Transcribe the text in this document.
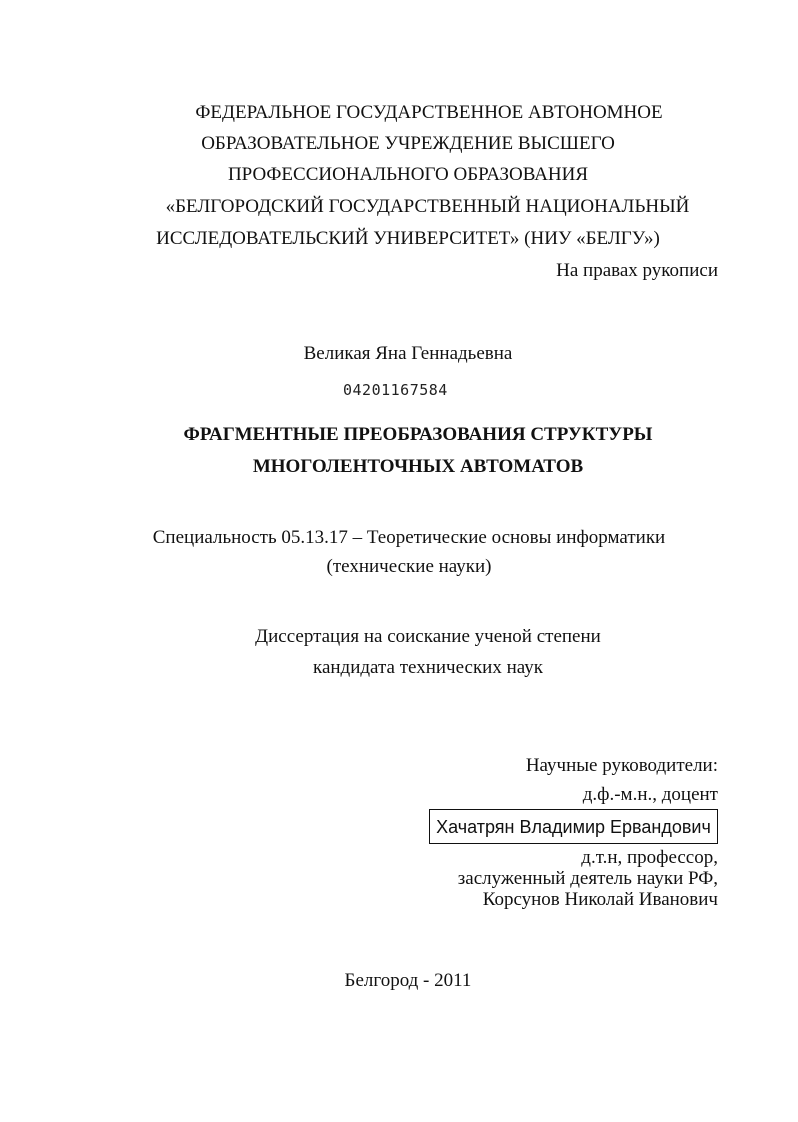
ФЕДЕРАЛЬНОЕ ГОСУДАРСТВЕННОЕ АВТОНОМНОЕ
ОБРАЗОВАТЕЛЬНОЕ УЧРЕЖДЕНИЕ ВЫСШЕГО
ПРОФЕССИОНАЛЬНОГО ОБРАЗОВАНИЯ
«БЕЛГОРОДСКИЙ ГОСУДАРСТВЕННЫЙ НАЦИОНАЛЬНЫЙ
ИССЛЕДОВАТЕЛЬСКИЙ УНИВЕРСИТЕТ» (НИУ «БЕЛГУ»)
На правах рукописи
Великая Яна Геннадьевна
04201167584
ФРАГМЕНТНЫЕ ПРЕОБРАЗОВАНИЯ СТРУКТУРЫ
МНОГОЛЕНТОЧНЫХ АВТОМАТОВ
Специальность 05.13.17 – Теоретические основы информатики
(технические науки)
Диссертация на соискание ученой степени
кандидата технических наук
Научные руководители:
д.ф.-м.н., доцент
Хачатрян Владимир Ервандович
д.т.н, профессор,
заслуженный деятель науки РФ,
Корсунов Николай Иванович
Белгород - 2011
